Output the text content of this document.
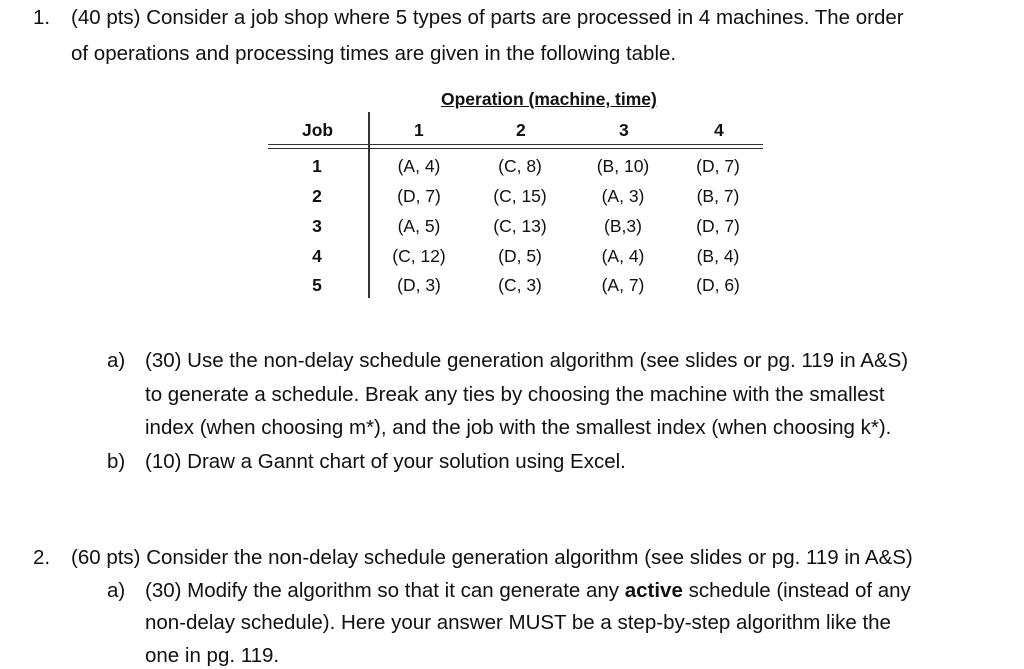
1. (40 pts) Consider a job shop where 5 types of parts are processed in 4 machines. The order
of operations and processing times are given in the following table.
Operation (machine, time)
Job	1	2	3	4
1	(A, 4)	(C, 8)	(B, 10)	(D, 7)
2	(D, 7)	(C, 15)	(A, 3)	(B, 7)
3	(A, 5)	(C, 13)	(B,3)	(D, 7)
4	(C, 12)	(D, 5)	(A, 4)	(B, 4)
5	(D, 3)	(C, 3)	(A, 7)	(D, 6)
a) (30) Use the non-delay schedule generation algorithm (see slides or pg. 119 in A&S)
to generate a schedule. Break any ties by choosing the machine with the smallest
index (when choosing m*), and the job with the smallest index (when choosing k*).
b) (10) Draw a Gannt chart of your solution using Excel.
2. (60 pts) Consider the non-delay schedule generation algorithm (see slides or pg. 119 in A&S)
a) (30) Modify the algorithm so that it can generate any active schedule (instead of any
non-delay schedule). Here your answer MUST be a step-by-step algorithm like the
one in pg. 119.
